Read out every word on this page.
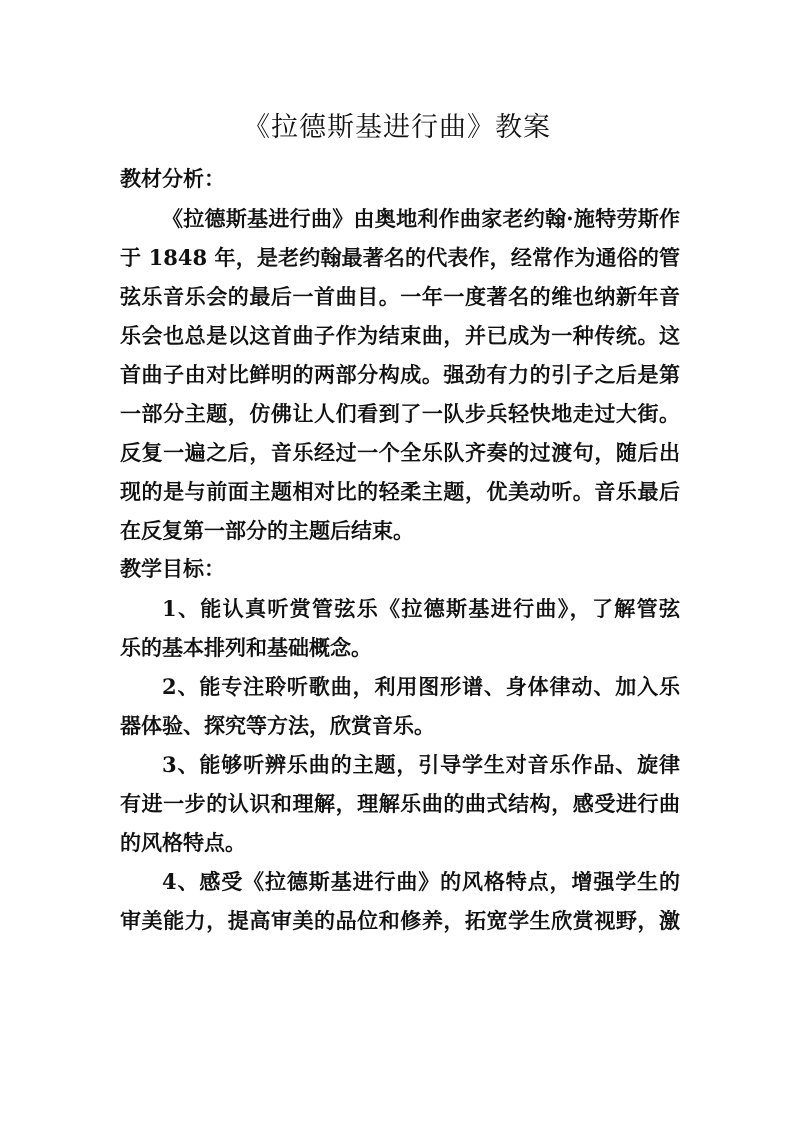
《拉德斯基进行曲》教案
教材分析：
《拉德斯基进行曲》由奥地利作曲家老约翰·施特劳斯作
于 1848 年，是老约翰最著名的代表作，经常作为通俗的管
弦乐音乐会的最后一首曲目。一年一度著名的维也纳新年音
乐会也总是以这首曲子作为结束曲，并已成为一种传统。这
首曲子由对比鲜明的两部分构成。强劲有力的引子之后是第
一部分主题，仿佛让人们看到了一队步兵轻快地走过大街。
反复一遍之后，音乐经过一个全乐队齐奏的过渡句，随后出
现的是与前面主题相对比的轻柔主题，优美动听。音乐最后
在反复第一部分的主题后结束。
教学目标：
1、能认真听赏管弦乐《拉德斯基进行曲》，了解管弦
乐的基本排列和基础概念。
2、能专注聆听歌曲，利用图形谱、身体律动、加入乐
器体验、探究等方法，欣赏音乐。
3、能够听辨乐曲的主题，引导学生对音乐作品、旋律
有进一步的认识和理解，理解乐曲的曲式结构，感受进行曲
的风格特点。
4、感受《拉德斯基进行曲》的风格特点，增强学生的
审美能力，提高审美的品位和修养，拓宽学生欣赏视野，激
